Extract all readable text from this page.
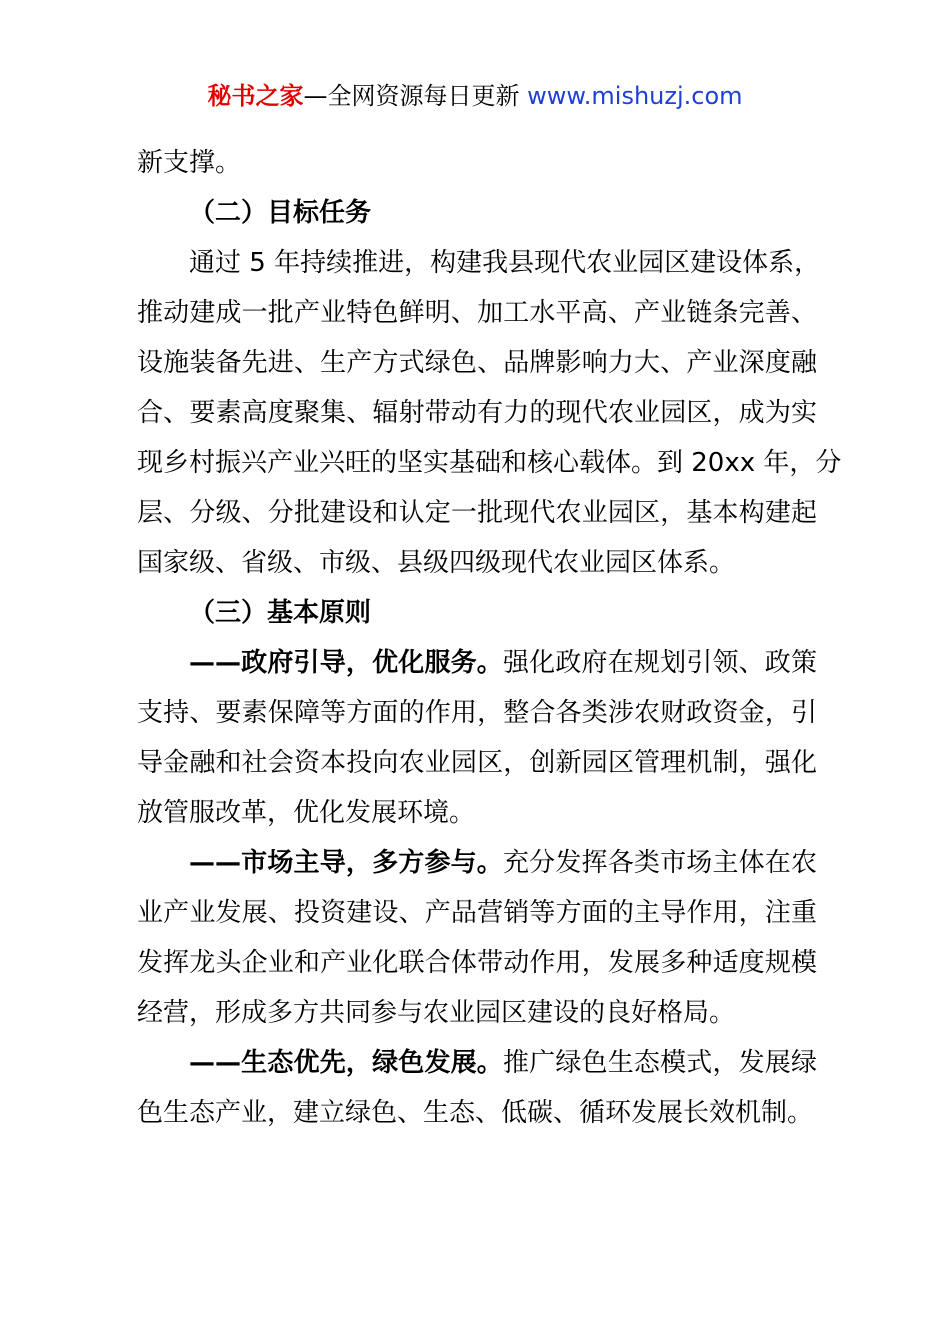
秘书之家—全网资源每日更新 www.mishuzj.com
新支撑。
（二）目标任务
通过 5 年持续推进，构建我县现代农业园区建设体系，
推动建成一批产业特色鲜明、加工水平高、产业链条完善、
设施装备先进、生产方式绿色、品牌影响力大、产业深度融
合、要素高度聚集、辐射带动有力的现代农业园区，成为实
现乡村振兴产业兴旺的坚实基础和核心载体。到 20xx 年，分
层、分级、分批建设和认定一批现代农业园区，基本构建起
国家级、省级、市级、县级四级现代农业园区体系。
（三）基本原则
——政府引导，优化服务。强化政府在规划引领、政策
支持、要素保障等方面的作用，整合各类涉农财政资金，引
导金融和社会资本投向农业园区，创新园区管理机制，强化
放管服改革，优化发展环境。
——市场主导，多方参与。充分发挥各类市场主体在农
业产业发展、投资建设、产品营销等方面的主导作用，注重
发挥龙头企业和产业化联合体带动作用，发展多种适度规模
经营，形成多方共同参与农业园区建设的良好格局。
——生态优先，绿色发展。推广绿色生态模式，发展绿
色生态产业，建立绿色、生态、低碳、循环发展长效机制。
